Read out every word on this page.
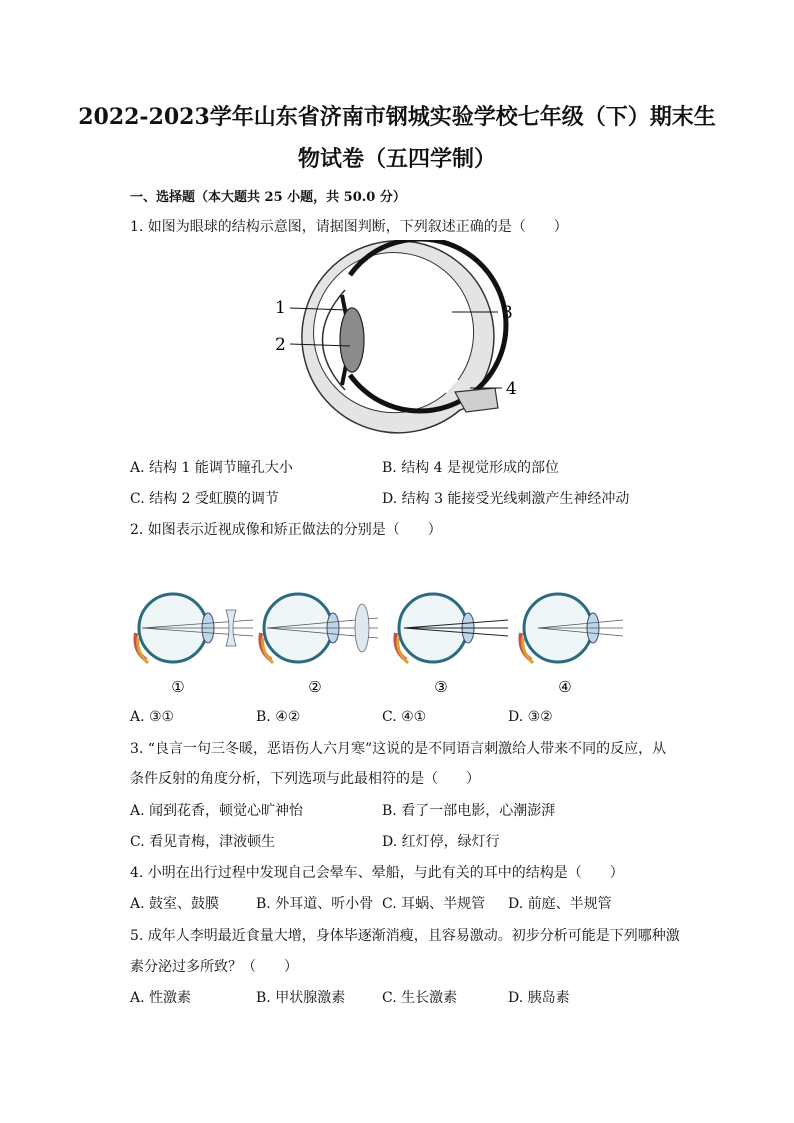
2022-2023学年山东省济南市钢城实验学校七年级（下）期末生
物试卷（五四学制）
一、选择题（本大题共 25 小题，共 50.0 分）
1. 如图为眼球的结构示意图，请据图判断，下列叙述正确的是（　　）
1
2
3
4
A. 结构 1 能调节瞳孔大小	B. 结构 4 是视觉形成的部位
C. 结构 2 受虹膜的调节	D. 结构 3 能接受光线刺激产生神经冲动
2. 如图表示近视成像和矫正做法的分别是（　　）
①	②	③	④
A. ③①	B. ④②	C. ④①	D. ③②
3. “良言一句三冬暖，恶语伤人六月寒”这说的是不同语言刺激给人带来不同的反应，从
条件反射的角度分析，下列选项与此最相符的是（　　）
A. 闻到花香，顿觉心旷神怡	B. 看了一部电影，心潮澎湃
C. 看见青梅，津液顿生	D. 红灯停，绿灯行
4. 小明在出行过程中发现自己会晕车、晕船，与此有关的耳中的结构是（　　）
A. 鼓室、鼓膜	B. 外耳道、听小骨 C. 耳蜗、半规管 D. 前庭、半规管
5. 成年人李明最近食量大增，身体毕逐渐消瘦，且容易激动。初步分析可能是下列哪种激
素分泌过多所致？（　　）
A. 性激素	B. 甲状腺激素	C. 生长激素	D. 胰岛素
